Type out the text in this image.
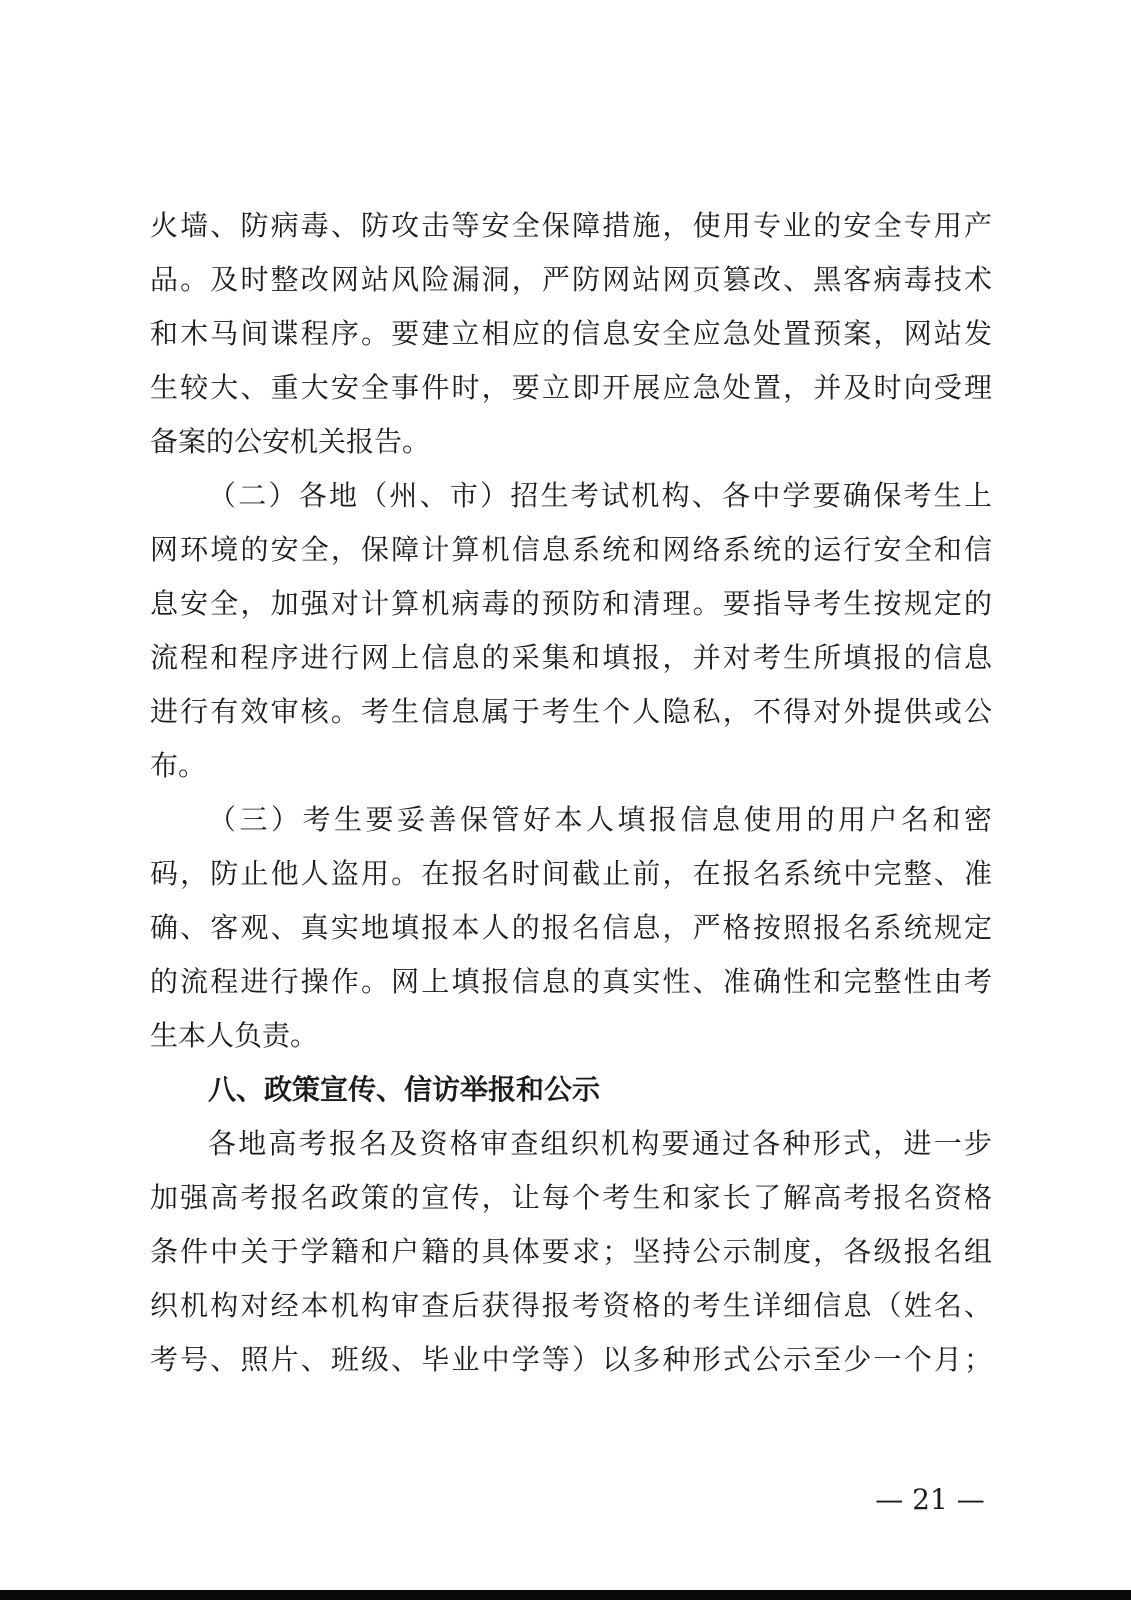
火墙、防病毒、防攻击等安全保障措施，使用专业的安全专用产
品。及时整改网站风险漏洞，严防网站网页篡改、黑客病毒技术
和木马间谍程序。要建立相应的信息安全应急处置预案，网站发
生较大、重大安全事件时，要立即开展应急处置，并及时向受理
备案的公安机关报告。
（二）各地（州、市）招生考试机构、各中学要确保考生上
网环境的安全，保障计算机信息系统和网络系统的运行安全和信
息安全，加强对计算机病毒的预防和清理。要指导考生按规定的
流程和程序进行网上信息的采集和填报，并对考生所填报的信息
进行有效审核。考生信息属于考生个人隐私，不得对外提供或公
布。
（三）考生要妥善保管好本人填报信息使用的用户名和密
码，防止他人盗用。在报名时间截止前，在报名系统中完整、准
确、客观、真实地填报本人的报名信息，严格按照报名系统规定
的流程进行操作。网上填报信息的真实性、准确性和完整性由考
生本人负责。
八、政策宣传、信访举报和公示
各地高考报名及资格审查组织机构要通过各种形式，进一步
加强高考报名政策的宣传，让每个考生和家长了解高考报名资格
条件中关于学籍和户籍的具体要求；坚持公示制度，各级报名组
织机构对经本机构审查后获得报考资格的考生详细信息（姓名、
考号、照片、班级、毕业中学等）以多种形式公示至少一个月；
— 21 —
